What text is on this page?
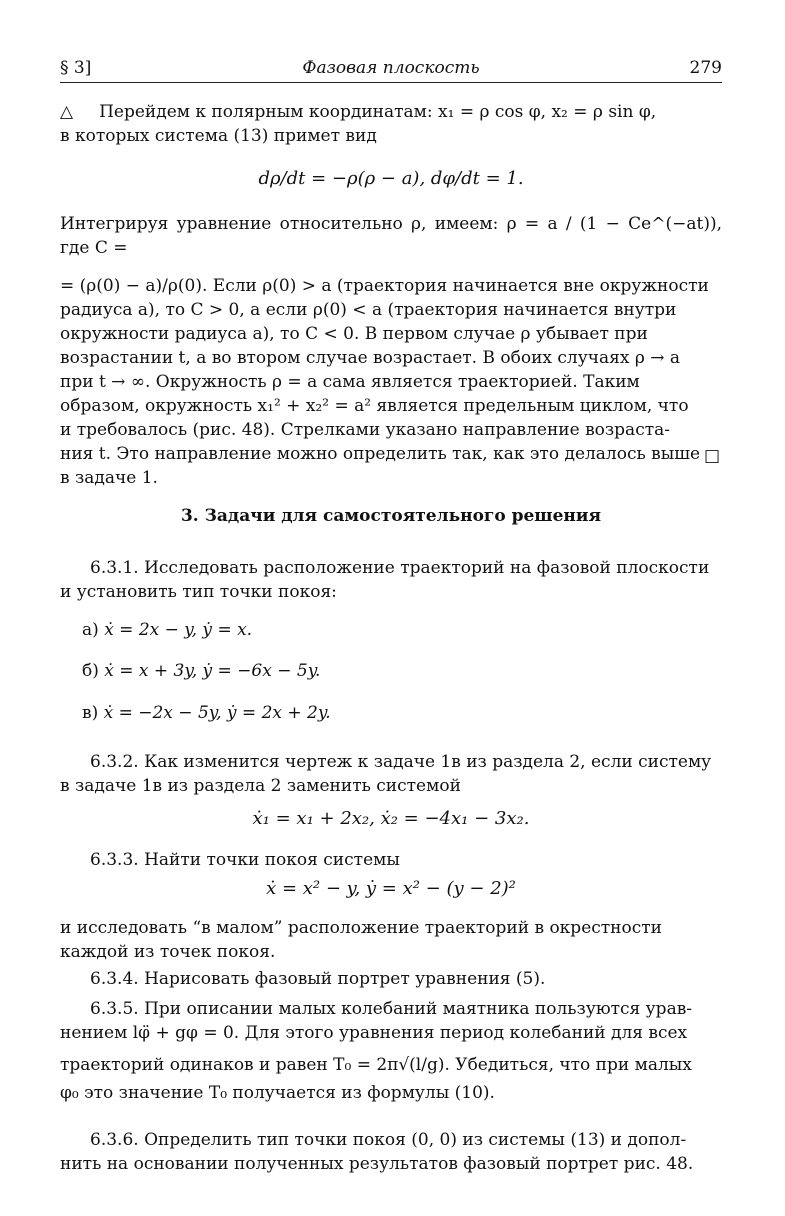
§ 3]	Фазовая плоскость	279
△ Перейдем к полярным координатам: x₁ = ρ cos φ, x₂ = ρ sin φ,
в которых система (13) примет вид
dρ/dt = −ρ(ρ − a), dφ/dt = 1.
Интегрируя уравнение относительно ρ, имеем: ρ = a / (1 − Ce^(−at)), где C =
= (ρ(0) − a)/ρ(0). Если ρ(0) > a (траектория начинается вне окружности
радиуса a), то C > 0, а если ρ(0) < a (траектория начинается внутри
окружности радиуса a), то C < 0. В первом случае ρ убывает при
возрастании t, а во втором случае возрастает. В обоих случаях ρ → a
при t → ∞. Окружность ρ = a сама является траекторией. Таким
образом, окружность x₁² + x₂² = a² является предельным циклом, что
и требовалось (рис. 48). Стрелками указано направление возраста-
ния t. Это направление можно определить так, как это делалось выше
в задаче 1.
□
3. Задачи для самостоятельного решения
6.3.1. Исследовать расположение траекторий на фазовой плоскости
и установить тип точки покоя:
а) ẋ = 2x − y, ẏ = x.
б) ẋ = x + 3y, ẏ = −6x − 5y.
в) ẋ = −2x − 5y, ẏ = 2x + 2y.
6.3.2. Как изменится чертеж к задаче 1в из раздела 2, если систему
в задаче 1в из раздела 2 заменить системой
ẋ₁ = x₁ + 2x₂, ẋ₂ = −4x₁ − 3x₂.
6.3.3. Найти точки покоя системы
ẋ = x² − y, ẏ = x² − (y − 2)²
и исследовать “в малом” расположение траекторий в окрестности
каждой из точек покоя.
6.3.4. Нарисовать фазовый портрет уравнения (5).
6.3.5. При описании малых колебаний маятника пользуются урав-
нением lφ̈ + gφ = 0. Для этого уравнения период колебаний для всех
траекторий одинаков и равен T₀ = 2π√(l/g). Убедиться, что при малых
φ₀ это значение T₀ получается из формулы (10).
6.3.6. Определить тип точки покоя (0, 0) из системы (13) и допол-
нить на основании полученных результатов фазовый портрет рис. 48.
